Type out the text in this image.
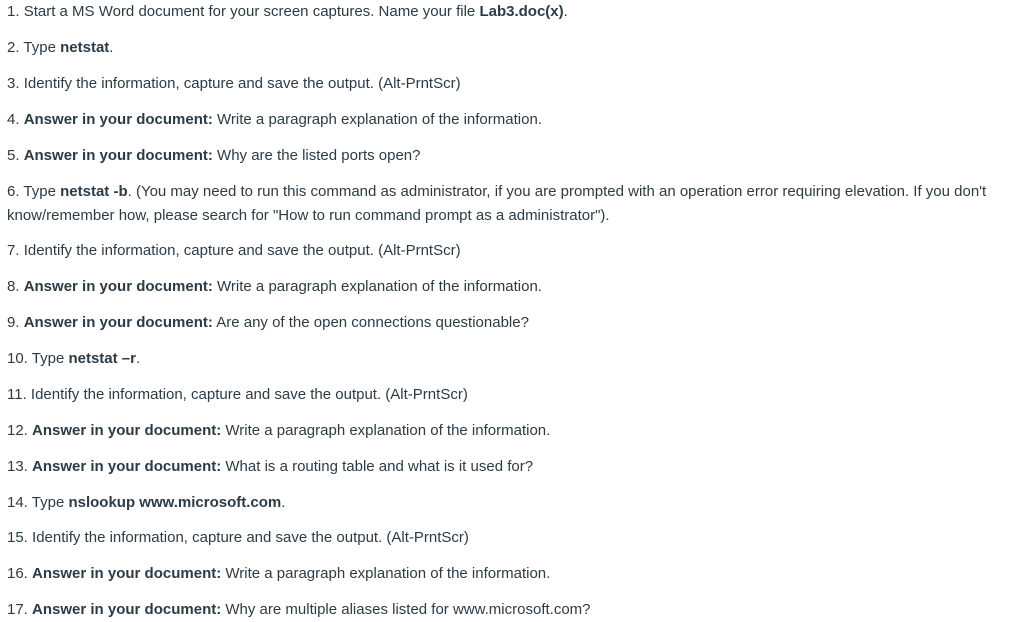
1. Start a MS Word document for your screen captures. Name your file Lab3.doc(x).

2. Type netstat.

3. Identify the information, capture and save the output. (Alt-PrntScr)

4. Answer in your document: Write a paragraph explanation of the information.

5. Answer in your document: Why are the listed ports open?

6. Type netstat -b. (You may need to run this command as administrator, if you are prompted with an operation error requiring elevation. If you don't know/remember how, please search for "How to run command prompt as a administrator").

7. Identify the information, capture and save the output. (Alt-PrntScr)

8. Answer in your document: Write a paragraph explanation of the information.

9. Answer in your document: Are any of the open connections questionable?

10. Type netstat –r.

11. Identify the information, capture and save the output. (Alt-PrntScr)

12. Answer in your document: Write a paragraph explanation of the information.

13. Answer in your document: What is a routing table and what is it used for?

14. Type nslookup www.microsoft.com.

15. Identify the information, capture and save the output. (Alt-PrntScr)

16. Answer in your document: Write a paragraph explanation of the information.

17. Answer in your document: Why are multiple aliases listed for www.microsoft.com?
